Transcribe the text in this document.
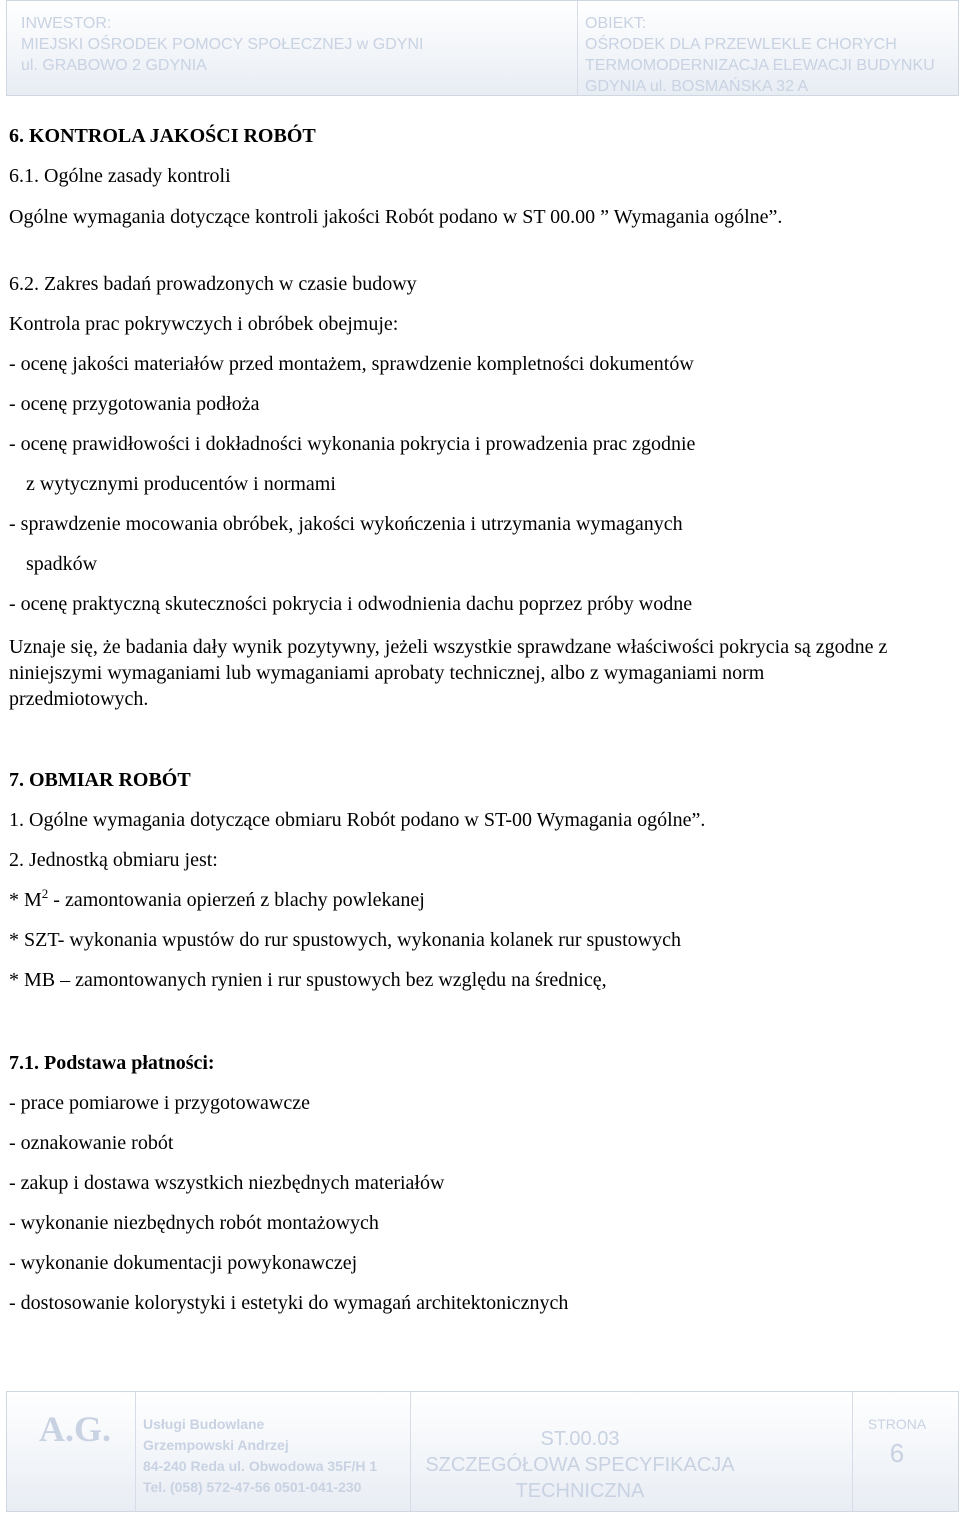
INWESTOR:
MIEJSKI OŚRODEK POMOCY SPOŁECZNEJ w GDYNI
ul. GRABOWO 2 GDYNIA
OBIEKT:
OŚRODEK DLA PRZEWLEKLE CHORYCH
TERMOMODERNIZACJA ELEWACJI BUDYNKU
GDYNIA ul. BOSMAŃSKA 32 A
6. KONTROLA JAKOŚCI ROBÓT
6.1. Ogólne zasady kontroli
Ogólne wymagania dotyczące kontroli jakości Robót podano w ST 00.00 ” Wymagania ogólne”.
6.2. Zakres badań prowadzonych w czasie budowy
Kontrola prac pokrywczych i obróbek obejmuje:
- ocenę jakości materiałów przed montażem, sprawdzenie kompletności dokumentów
- ocenę przygotowania podłoża
- ocenę prawidłowości i dokładności wykonania pokrycia i prowadzenia prac zgodnie
z wytycznymi producentów i normami
- sprawdzenie mocowania obróbek, jakości wykończenia i utrzymania wymaganych
spadków
- ocenę praktyczną skuteczności pokrycia i odwodnienia dachu poprzez próby wodne
Uznaje się, że badania dały wynik pozytywny, jeżeli wszystkie sprawdzane właściwości pokrycia są zgodne z niniejszymi wymaganiami lub wymaganiami aprobaty technicznej, albo z wymaganiami norm przedmiotowych.
7. OBMIAR ROBÓT
1. Ogólne wymagania dotyczące obmiaru Robót podano w ST-00 Wymagania ogólne”.
2. Jednostką obmiaru jest:
* $M^2$ - zamontowania opierzeń z blachy powlekanej
* SZT- wykonania wpustów do rur spustowych, wykonania kolanek rur spustowych
* MB – zamontowanych rynien i rur spustowych bez względu na średnicę,
7.1. Podstawa płatności:
- prace pomiarowe i przygotowawcze
- oznakowanie robót
- zakup i dostawa wszystkich niezbędnych materiałów
- wykonanie niezbędnych robót montażowych
- wykonanie dokumentacji powykonawczej
- dostosowanie kolorystyki i estetyki do wymagań architektonicznych
A.G. Usługi Budowlane
Grzempowski Andrzej
84-240 Reda ul. Obwodowa 35F/H 1
Tel. (058) 572-47-56 0501-041-230
ST.00.03
SZCZEGÓŁOWA SPECYFIKACJA
TECHNICZNA
STRONA
6
